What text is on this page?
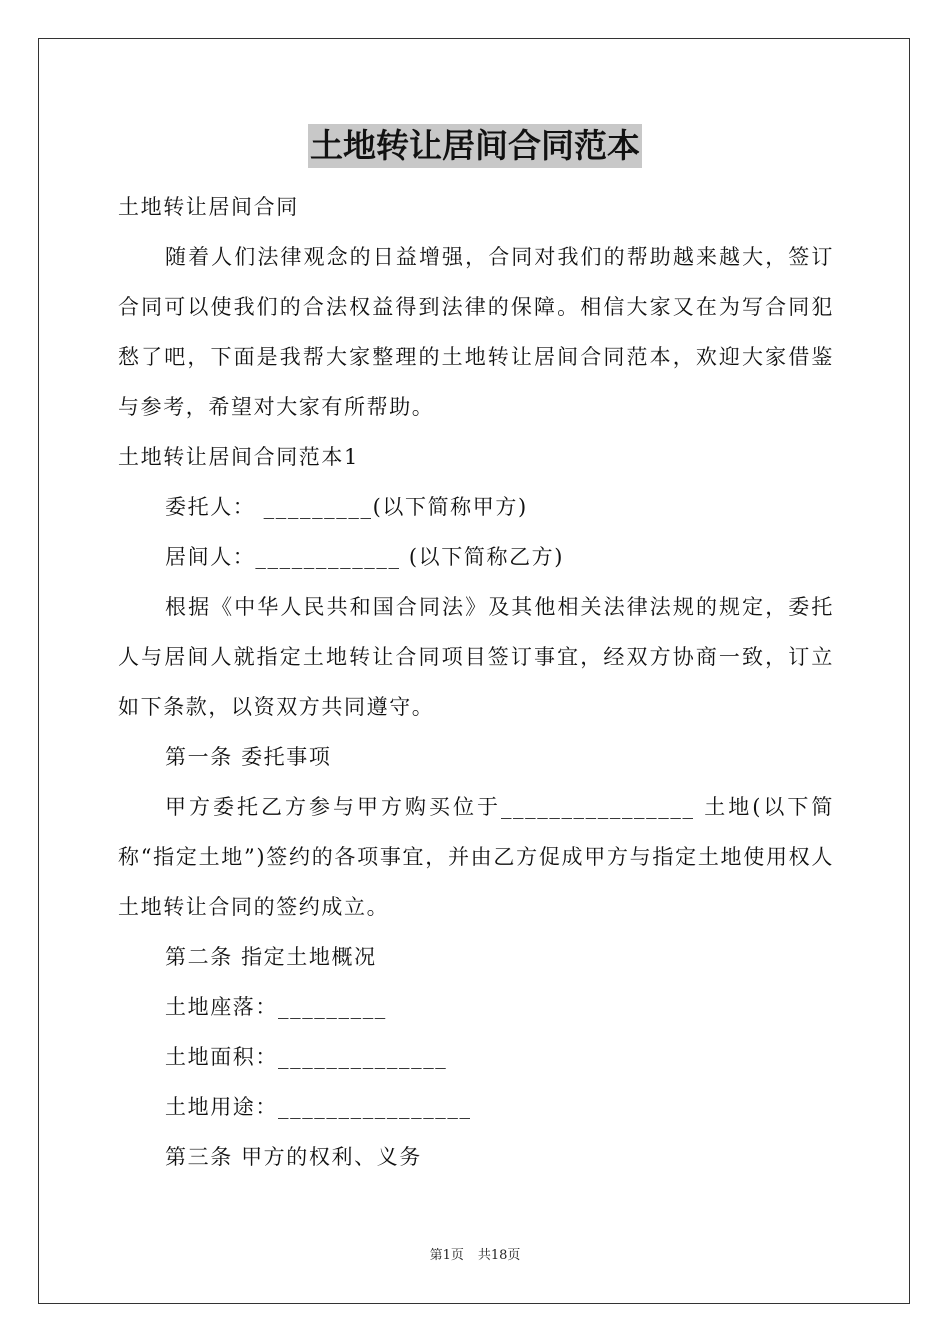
土地转让居间合同范本

土地转让居间合同

随着人们法律观念的日益增强，合同对我们的帮助越来越大，签订合同可以使我们的合法权益得到法律的保障。相信大家又在为写合同犯愁了吧，下面是我帮大家整理的土地转让居间合同范本，欢迎大家借鉴与参考，希望对大家有所帮助。

土地转让居间合同范本1

委托人： _________(以下简称甲方)

居间人：____________ (以下简称乙方)

根据《中华人民共和国合同法》及其他相关法律法规的规定，委托人与居间人就指定土地转让合同项目签订事宜，经双方协商一致，订立如下条款，以资双方共同遵守。

第一条 委托事项

甲方委托乙方参与甲方购买位于________________ 土地(以下简称“指定土地”)签约的各项事宜，并由乙方促成甲方与指定土地使用权人土地转让合同的签约成立。

第二条 指定土地概况

土地座落：_________

土地面积：______________

土地用途：________________

第三条 甲方的权利、义务

第1页 共18页
